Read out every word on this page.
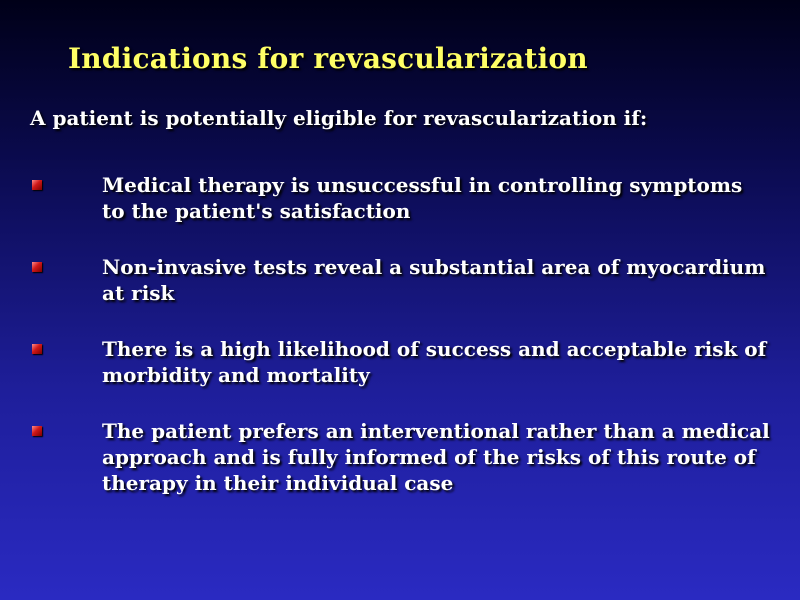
Indications for revascularization
A patient is potentially eligible for revascularization if:
Medical therapy is unsuccessful in controlling symptoms to the patient's satisfaction
Non-invasive tests reveal a substantial area of myocardium at risk
There is a high likelihood of success and acceptable risk of morbidity and mortality
The patient prefers an interventional rather than a medical approach and is fully informed of the risks of this route of therapy in their individual case
